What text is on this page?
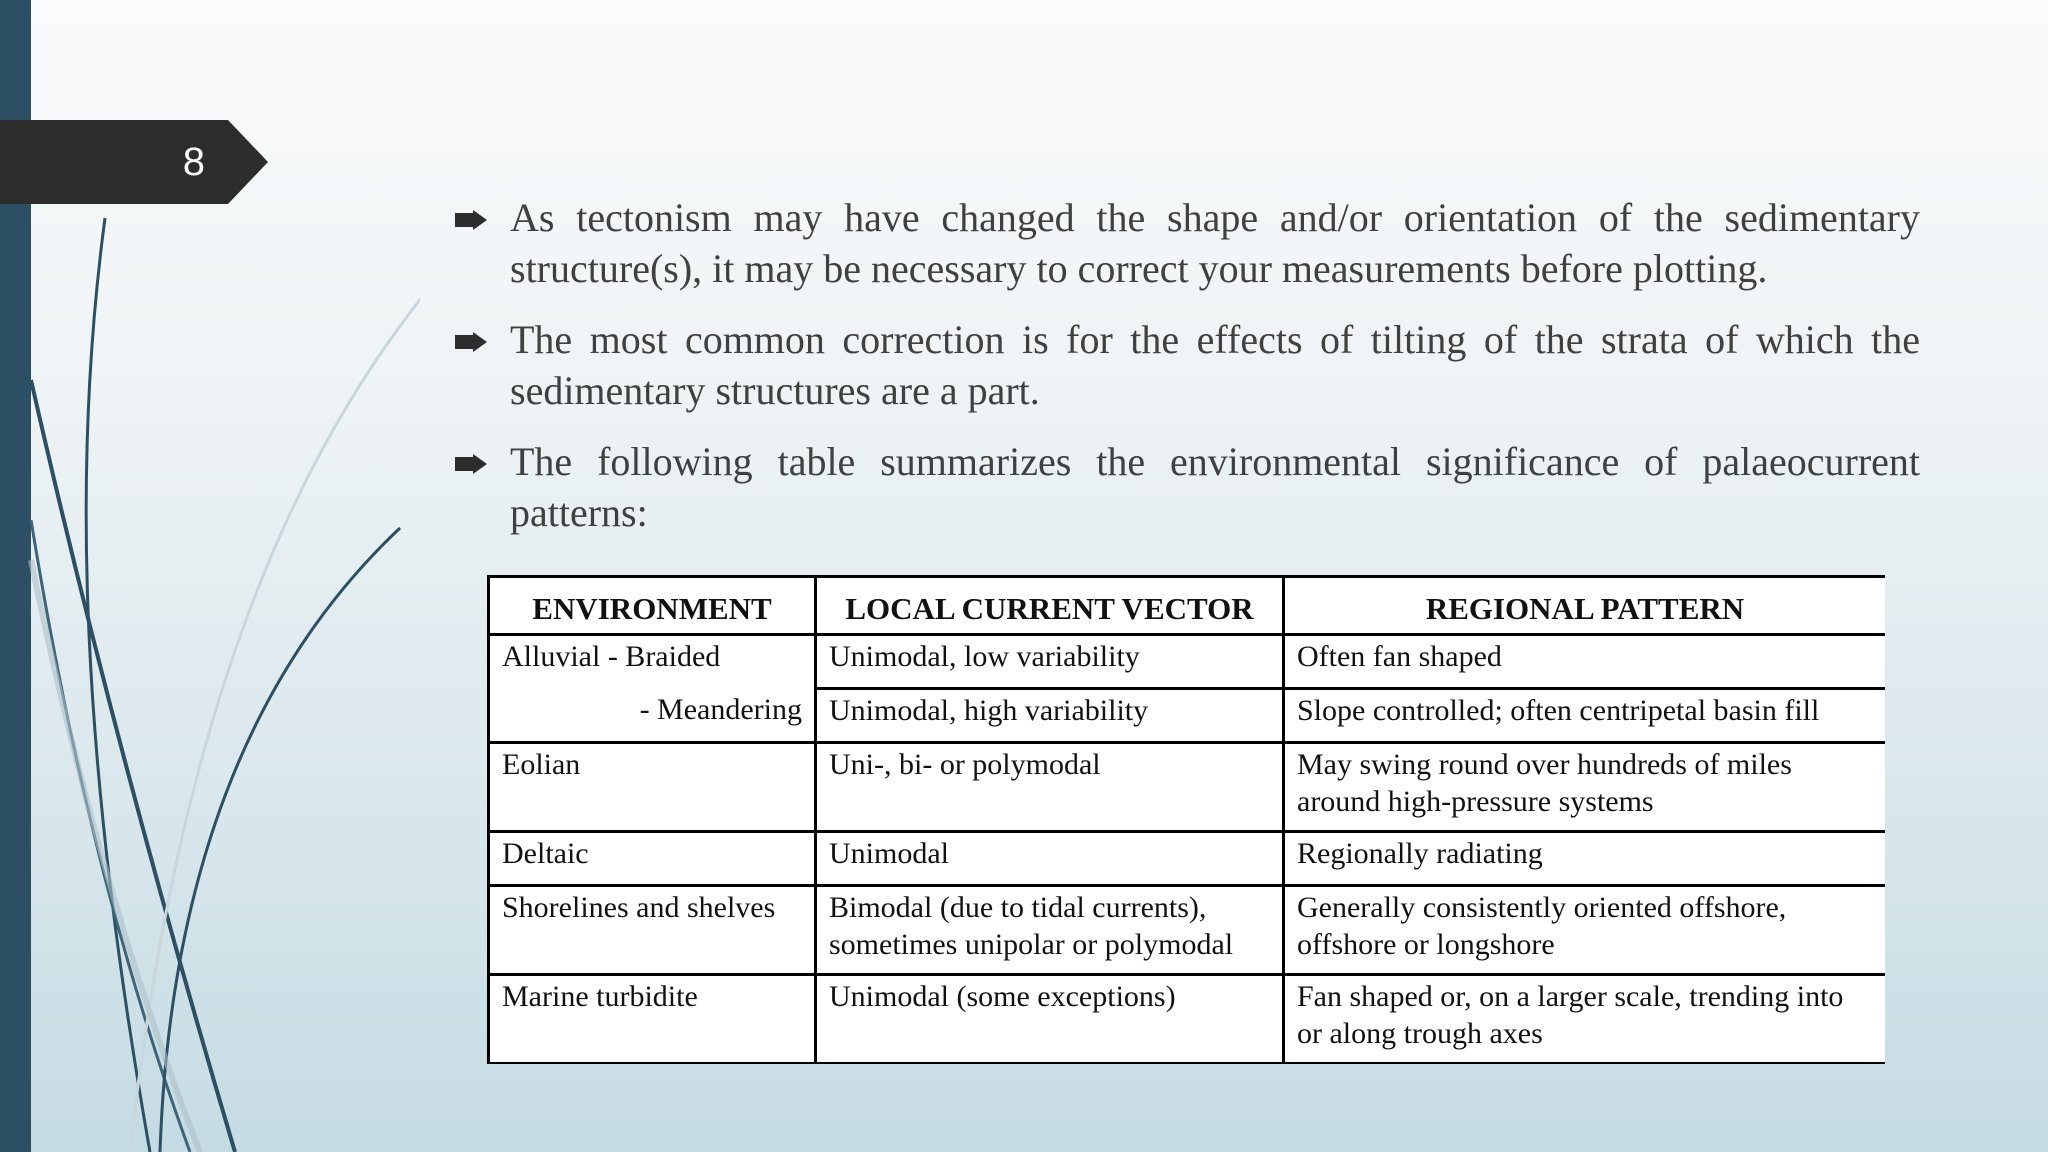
8
As tectonism may have changed the shape and/or orientation of the sedimentary structure(s), it may be necessary to correct your measurements before plotting.
The most common correction is for the effects of tilting of the strata of which the sedimentary structures are a part.
The following table summarizes the environmental significance of palaeocurrent patterns:
ENVIRONMENT	LOCAL CURRENT VECTOR	REGIONAL PATTERN
Alluvial - Braided	Unimodal, low variability	Often fan shaped
- Meandering	Unimodal, high variability	Slope controlled; often centripetal basin fill
Eolian	Uni-, bi- or polymodal	May swing round over hundreds of miles around high-pressure systems
Deltaic	Unimodal	Regionally radiating
Shorelines and shelves	Bimodal (due to tidal currents), sometimes unipolar or polymodal	Generally consistently oriented offshore, offshore or longshore
Marine turbidite	Unimodal (some exceptions)	Fan shaped or, on a larger scale, trending into or along trough axes
